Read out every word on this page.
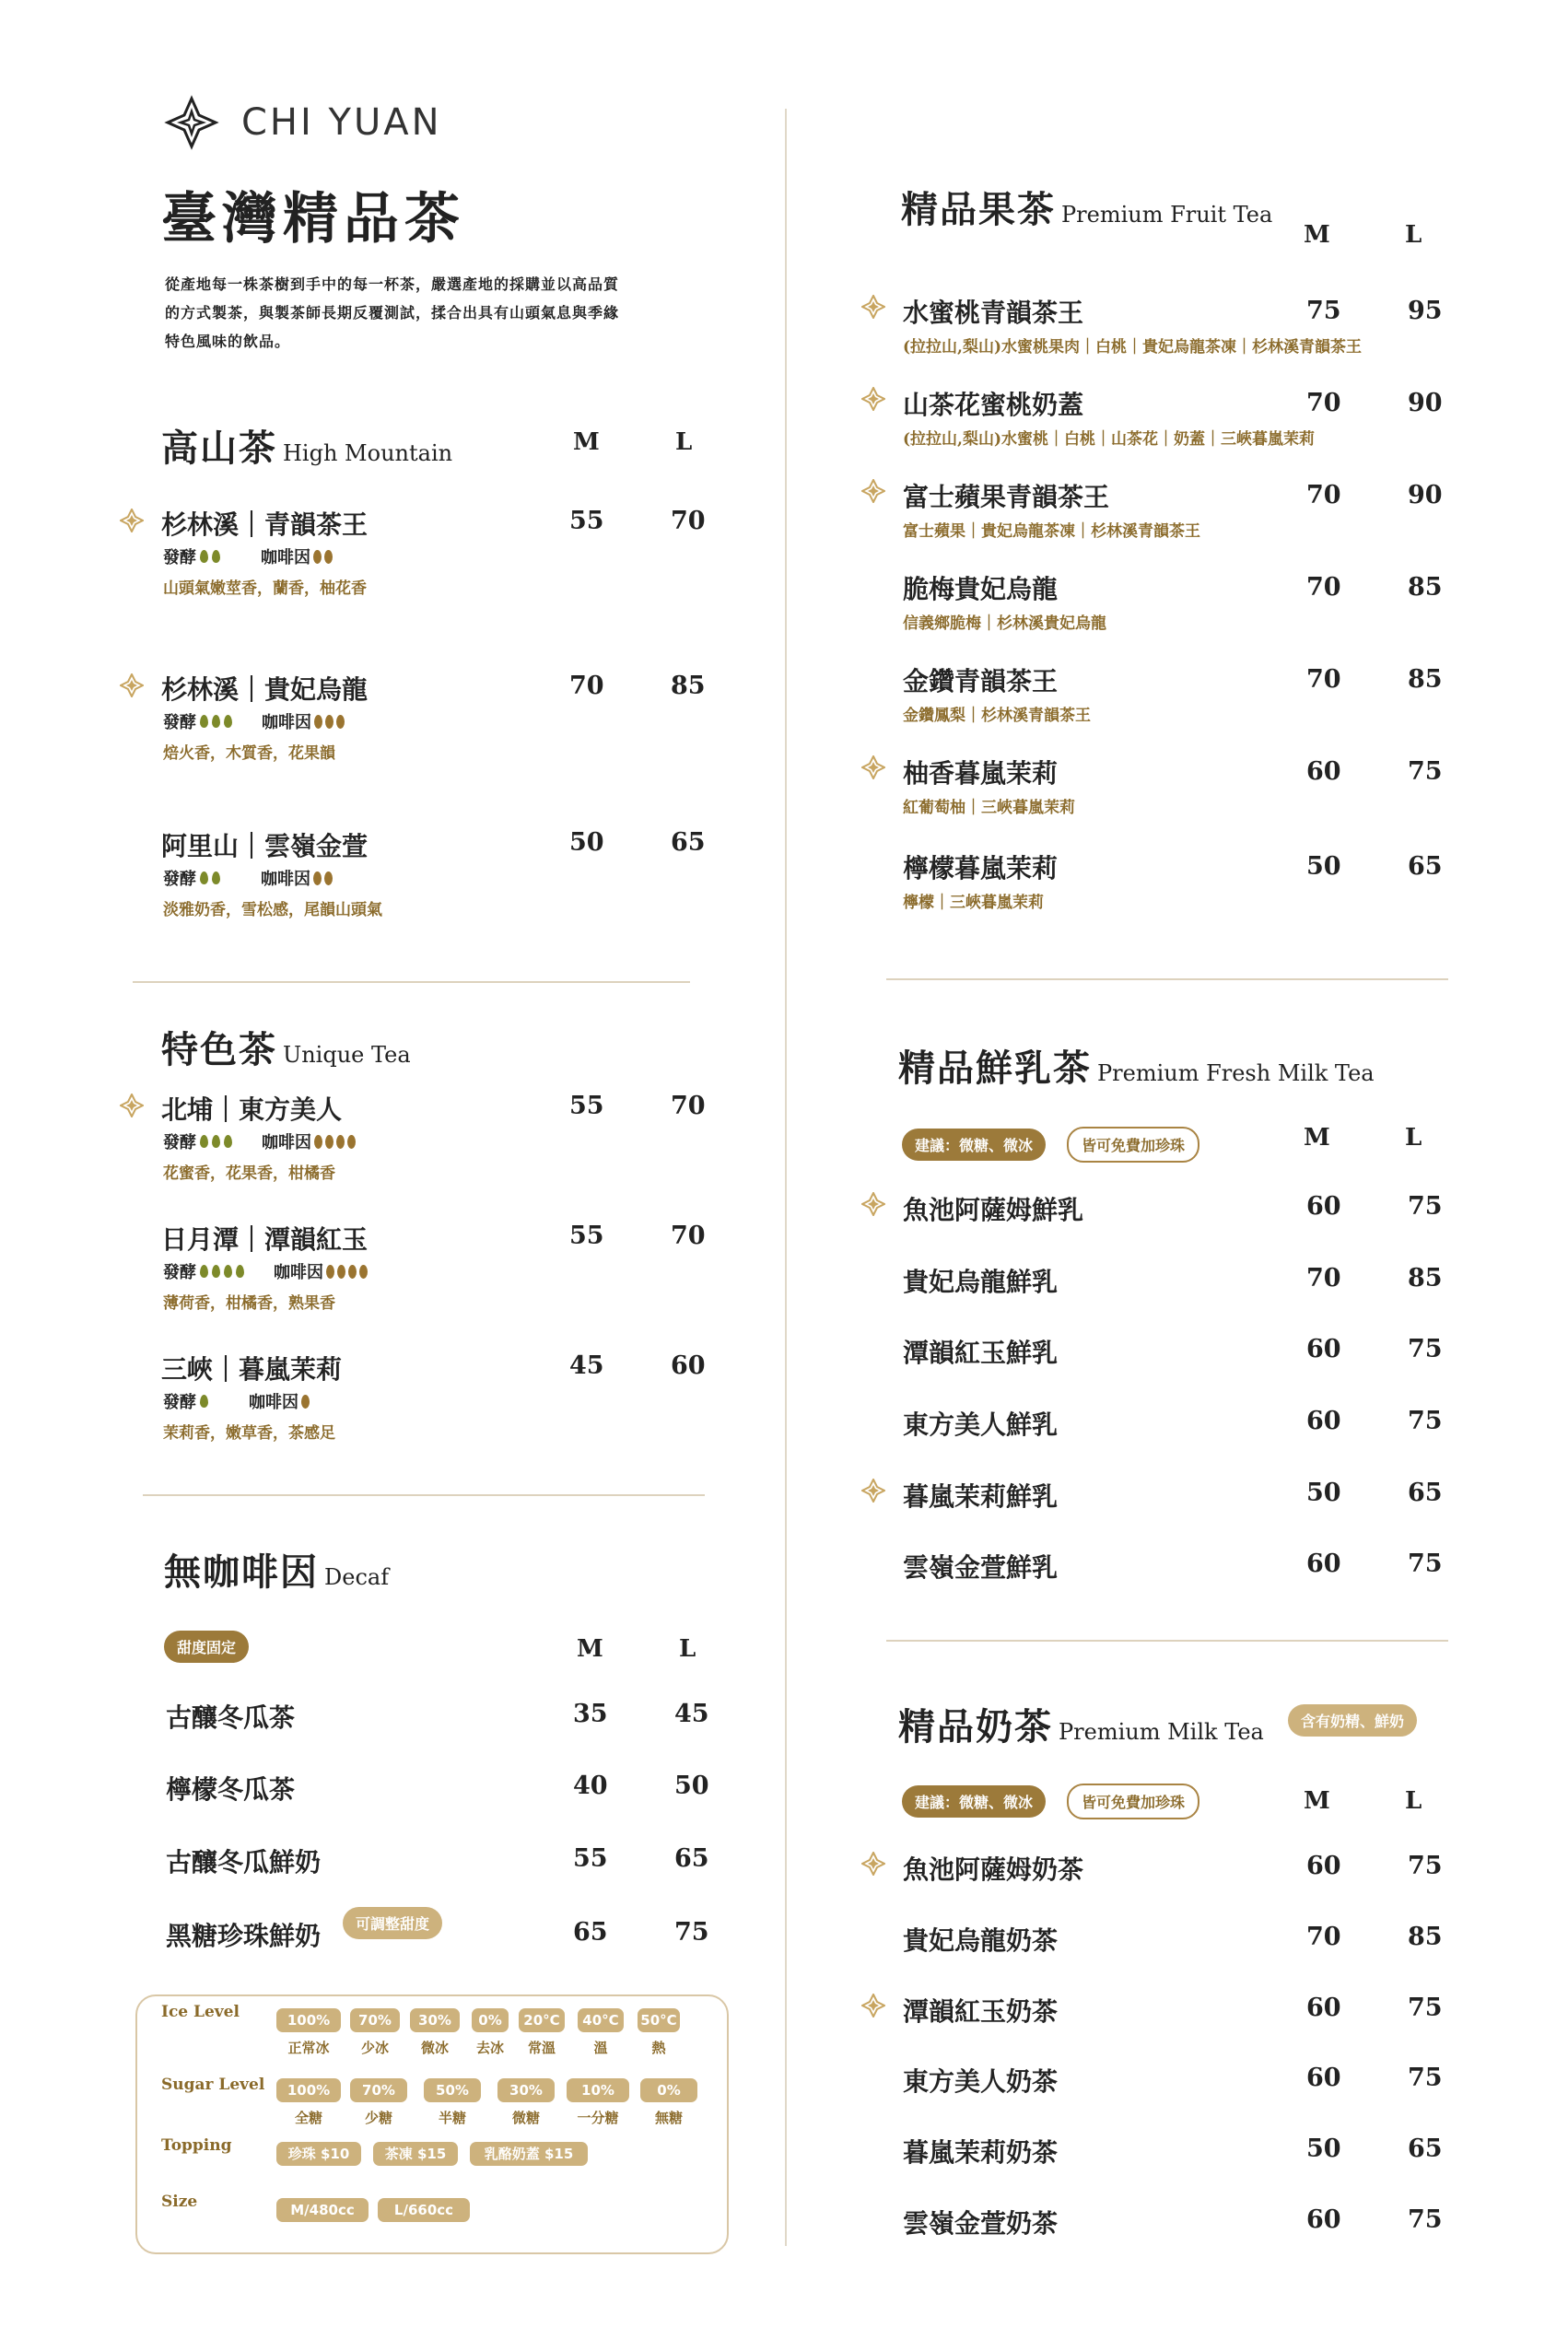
CHI YUAN
臺灣精品茶
從產地每一株茶樹到手中的每一杯茶，嚴選產地的採購並以高品質
的方式製茶，與製茶師長期反覆測試，揉合出具有山頭氣息與季緣
特色風味的飲品。
高山茶 High Mountain	M	L
特色茶 Unique Tea
無咖啡因 Decaf
甜度固定	M	L
可調整甜度
Ice Level
Sugar Level
Topping
Size
精品果茶 Premium Fruit Tea
M	L
精品鮮乳茶 Premium Fresh Milk Tea
建議：微糖、微冰	皆可免費加珍珠	M	L
精品奶茶 Premium Milk Tea	含有奶精、鮮奶
建議：微糖、微冰	皆可免費加珍珠	M	L
杉林溪｜青韻茶王	55	70
發酵	咖啡因
山頭氣嫩莖香，蘭香，柚花香
杉林溪｜貴妃烏龍	70	85
發酵	咖啡因
焙火香，木質香，花果韻
阿里山｜雲嶺金萱	50	65
發酵	咖啡因
淡雅奶香，雪松感，尾韻山頭氣
北埔｜東方美人	55	70
發酵	咖啡因
花蜜香，花果香，柑橘香
日月潭｜潭韻紅玉	55	70
發酵	咖啡因
薄荷香，柑橘香，熟果香
三峽｜暮嵐茉莉	45	60
發酵	咖啡因
茉莉香，嫩草香，茶感足
古釀冬瓜茶	35	45
檸檬冬瓜茶	40	50
古釀冬瓜鮮奶	55	65
黑糖珍珠鮮奶	65	75
100%
正常冰
70%
少冰
30%
微冰
0%
去冰
20°C
常溫
40°C
溫
50°C
熱
100%
全糖
70%
少糖
50%
半糖
30%
微糖
10%
一分糖
0%
無糖
珍珠 $10	茶凍 $15	乳酪奶蓋 $15
M/480cc	L/660cc
水蜜桃青韻茶王	75	95
(拉拉山,梨山)水蜜桃果肉｜白桃｜貴妃烏龍茶凍｜杉林溪青韻茶王
山茶花蜜桃奶蓋	70	90
(拉拉山,梨山)水蜜桃｜白桃｜山茶花｜奶蓋｜三峽暮嵐茉莉
富士蘋果青韻茶王	70	90
富士蘋果｜貴妃烏龍茶凍｜杉林溪青韻茶王
脆梅貴妃烏龍	70	85
信義鄉脆梅｜杉林溪貴妃烏龍
金鑽青韻茶王	70	85
金鑽鳳梨｜杉林溪青韻茶王
柚香暮嵐茉莉	60	75
紅葡萄柚｜三峽暮嵐茉莉
檸檬暮嵐茉莉	50	65
檸檬｜三峽暮嵐茉莉
魚池阿薩姆鮮乳	60	75
貴妃烏龍鮮乳	70	85
潭韻紅玉鮮乳	60	75
東方美人鮮乳	60	75
暮嵐茉莉鮮乳	50	65
雲嶺金萱鮮乳	60	75
魚池阿薩姆奶茶	60	75
貴妃烏龍奶茶	70	85
潭韻紅玉奶茶	60	75
東方美人奶茶	60	75
暮嵐茉莉奶茶	50	65
雲嶺金萱奶茶	60	75
